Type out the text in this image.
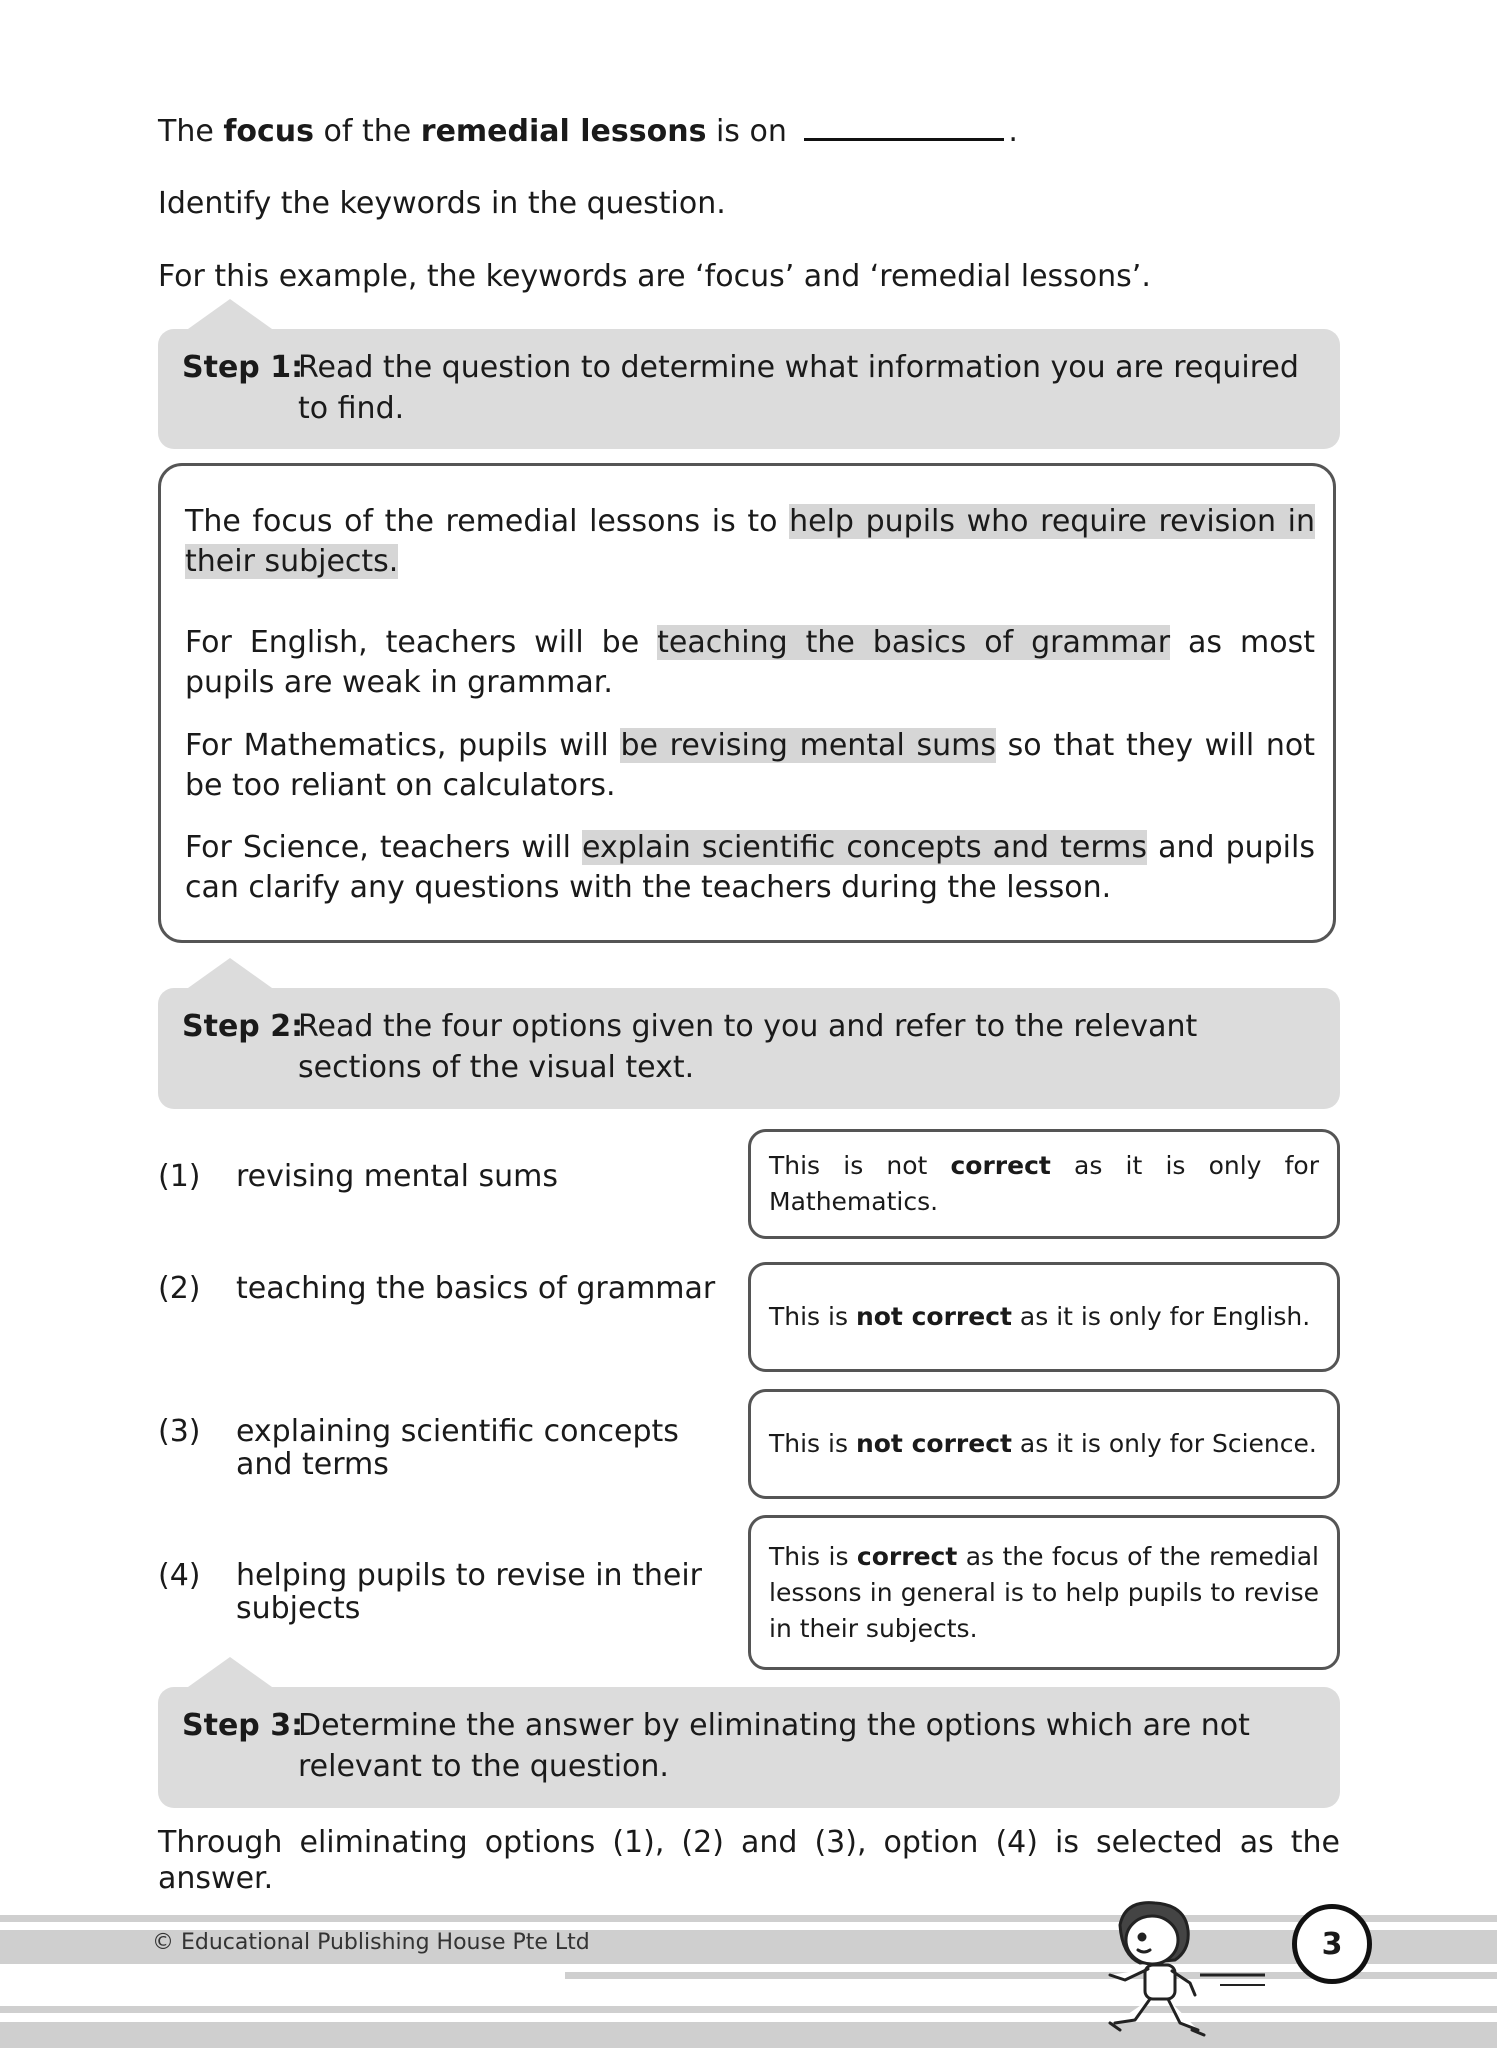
The focus of the remedial lessons is on	.
Identify the keywords in the question.
For this example, the keywords are ‘focus’ and ‘remedial lessons’.
Step 1:
Read the question to determine what information you are required
to find.
The focus of the remedial lessons is to help pupils who require revision in their subjects.
For English, teachers will be teaching the basics of grammar as most pupils are weak in grammar.
For Mathematics, pupils will be revising mental sums so that they will not be too reliant on calculators.
For Science, teachers will explain scientific concepts and terms and pupils can clarify any questions with the teachers during the lesson.
Step 2:
Read the four options given to you and refer to the relevant
sections of the visual text.
(1) revising mental sums	This is not correct as it is only for Mathematics.
(2) teaching the basics of grammar
This is not correct as it is only for English.
(3) explaining scientific concepts and terms
This is not correct as it is only for Science.
(4) helping pupils to revise in their subjects
This is correct as the focus of the remedial lessons in general is to help pupils to revise in their subjects.
Step 3:
Determine the answer by eliminating the options which are not
relevant to the question.
Through eliminating options (1), (2) and (3), option (4) is selected as the
answer.
© Educational Publishing House Pte Ltd	3
